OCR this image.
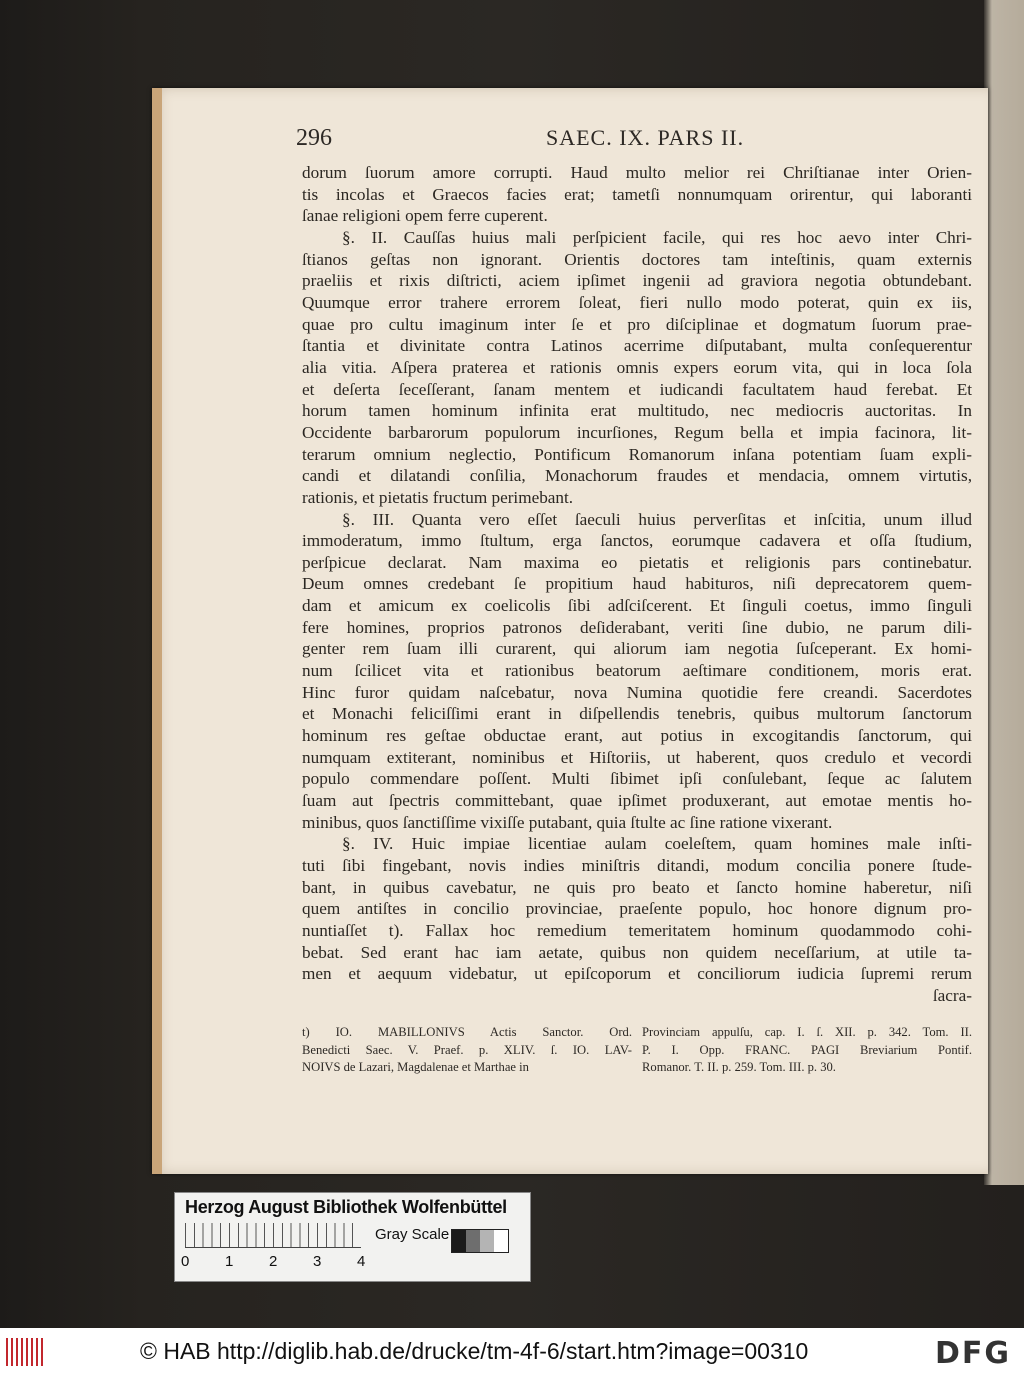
296	SAEC. IX. PARS II.
dorum ſuorum amore corrupti. Haud multo melior rei Chriſtianae inter Orien-
tis incolas et Graecos facies erat; tametſi nonnumquam orirentur, qui laboranti
ſanae religioni opem ferre cuperent.
§. II. Cauſſas huius mali perſpicient facile, qui res hoc aevo inter Chri-
ſtianos geſtas non ignorant. Orientis doctores tam inteſtinis, quam externis
praeliis et rixis diſtricti, aciem ipſimet ingenii ad graviora negotia obtundebant.
Quumque error trahere errorem ſoleat, fieri nullo modo poterat, quin ex iis,
quae pro cultu imaginum inter ſe et pro diſciplinae et dogmatum ſuorum prae-
ſtantia et divinitate contra Latinos acerrime diſputabant, multa conſequerentur
alia vitia. Aſpera praterea et rationis omnis expers eorum vita, qui in loca ſola
et deſerta ſeceſſerant, ſanam mentem et iudicandi facultatem haud ferebat. Et
horum tamen hominum infinita erat multitudo, nec mediocris auctoritas. In
Occidente barbarorum populorum incurſiones, Regum bella et impia facinora, lit-
terarum omnium neglectio, Pontificum Romanorum inſana potentiam ſuam expli-
candi et dilatandi conſilia, Monachorum fraudes et mendacia, omnem virtutis,
rationis, et pietatis fructum perimebant.
§. III. Quanta vero eſſet ſaeculi huius perverſitas et inſcitia, unum illud
immoderatum, immo ſtultum, erga ſanctos, eorumque cadavera et oſſa ſtudium,
perſpicue declarat. Nam maxima eo pietatis et religionis pars continebatur.
Deum omnes credebant ſe propitium haud habituros, niſi deprecatorem quem-
dam et amicum ex coelicolis ſibi adſciſcerent. Et ſinguli coetus, immo ſinguli
fere homines, proprios patronos deſiderabant, veriti ſine dubio, ne parum dili-
genter rem ſuam illi curarent, qui aliorum iam negotia ſuſceperant. Ex homi-
num ſcilicet vita et rationibus beatorum aeſtimare conditionem, moris erat.
Hinc furor quidam naſcebatur, nova Numina quotidie fere creandi. Sacerdotes
et Monachi feliciſſimi erant in diſpellendis tenebris, quibus multorum ſanctorum
hominum res geſtae obductae erant, aut potius in excogitandis ſanctorum, qui
numquam extiterant, nominibus et Hiſtoriis, ut haberent, quos credulo et vecordi
populo commendare poſſent. Multi ſibimet ipſi conſulebant, ſeque ac ſalutem
ſuam aut ſpectris committebant, quae ipſimet produxerant, aut emotae mentis ho-
minibus, quos ſanctiſſime vixiſſe putabant, quia ſtulte ac ſine ratione vixerant.
§. IV. Huic impiae licentiae aulam coeleſtem, quam homines male inſti-
tuti ſibi fingebant, novis indies miniſtris ditandi, modum concilia ponere ſtude-
bant, in quibus cavebatur, ne quis pro beato et ſancto homine haberetur, niſi
quem antiſtes in concilio provinciae, praeſente populo, hoc honore dignum pro-
nuntiaſſet t). Fallax hoc remedium temeritatem hominum quodammodo cohi-
bebat. Sed erant hac iam aetate, quibus non quidem neceſſarium, at utile ta-
men et aequum videbatur, ut epiſcoporum et conciliorum iudicia ſupremi rerum
ſacra-
t) IO. MABILLONIVS Actis Sanctor. Ord.
Benedicti Saec. V. Praef. p. XLIV. ſ. IO. LAV-
NOIVS de Lazari, Magdalenae et Marthae in
Provinciam appulſu, cap. I. ſ. XII. p. 342. Tom. II.
P. I. Opp. FRANC. PAGI Breviarium Pontif.
Romanor. T. II. p. 259. Tom. III. p. 30.
Herzog August Bibliothek Wolfenbüttel
0 1 2 3 4
Gray Scale
© HAB http://diglib.hab.de/drucke/tm-4f-6/start.htm?image=00310	DFG
